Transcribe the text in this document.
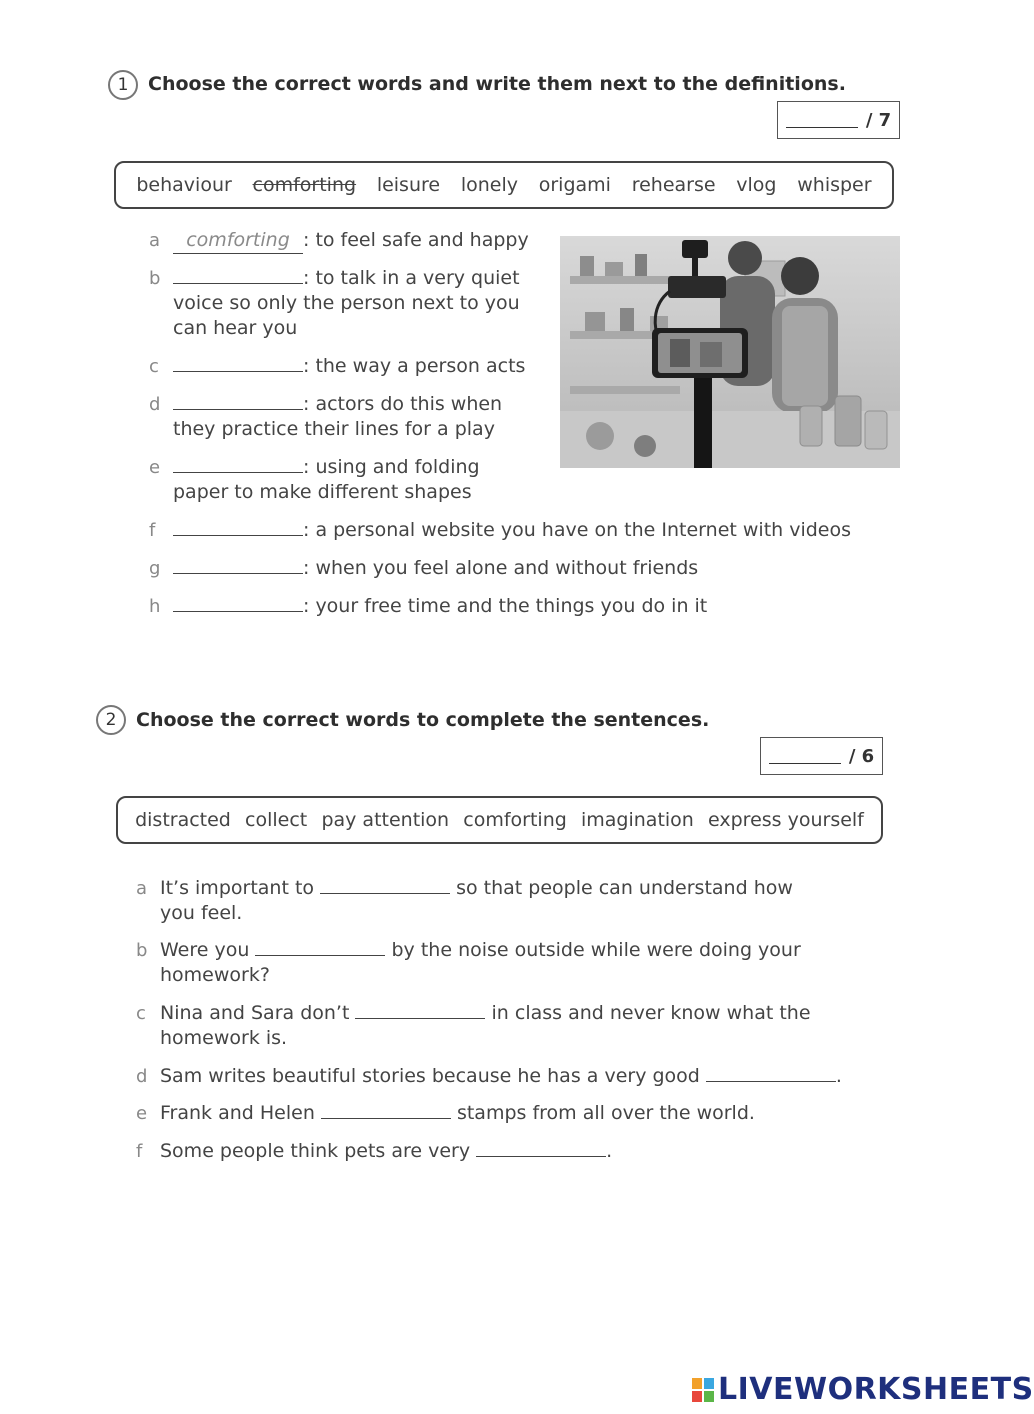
1	Choose the correct words and write them next to the definitions.
/ 7
behaviour comforting leisure lonely origami rehearse vlog whisper
a	comforting : to feel safe and happy
b	: to talk in a very quiet voice so only the person next to you can hear you
c	: the way a person acts
d	: actors do this when they practice their lines for a play
e	: using and folding paper to make different shapes
f	: a personal website you have on the Internet with videos
g	: when you feel alone and without friends
h	: your free time and the things you do in it
2	Choose the correct words to complete the sentences.
/ 6
distracted collect pay attention comforting imagination express yourself
a It’s important to	so that people can understand how you feel.
b Were you	by the noise outside while were doing your homework?
c Nina and Sara don’t	in class and never know what the homework is.
d Sam writes beautiful stories because he has a very good	.
e Frank and Helen	stamps from all over the world.
f Some people think pets are very	.
LIVEWORKSHEETS
